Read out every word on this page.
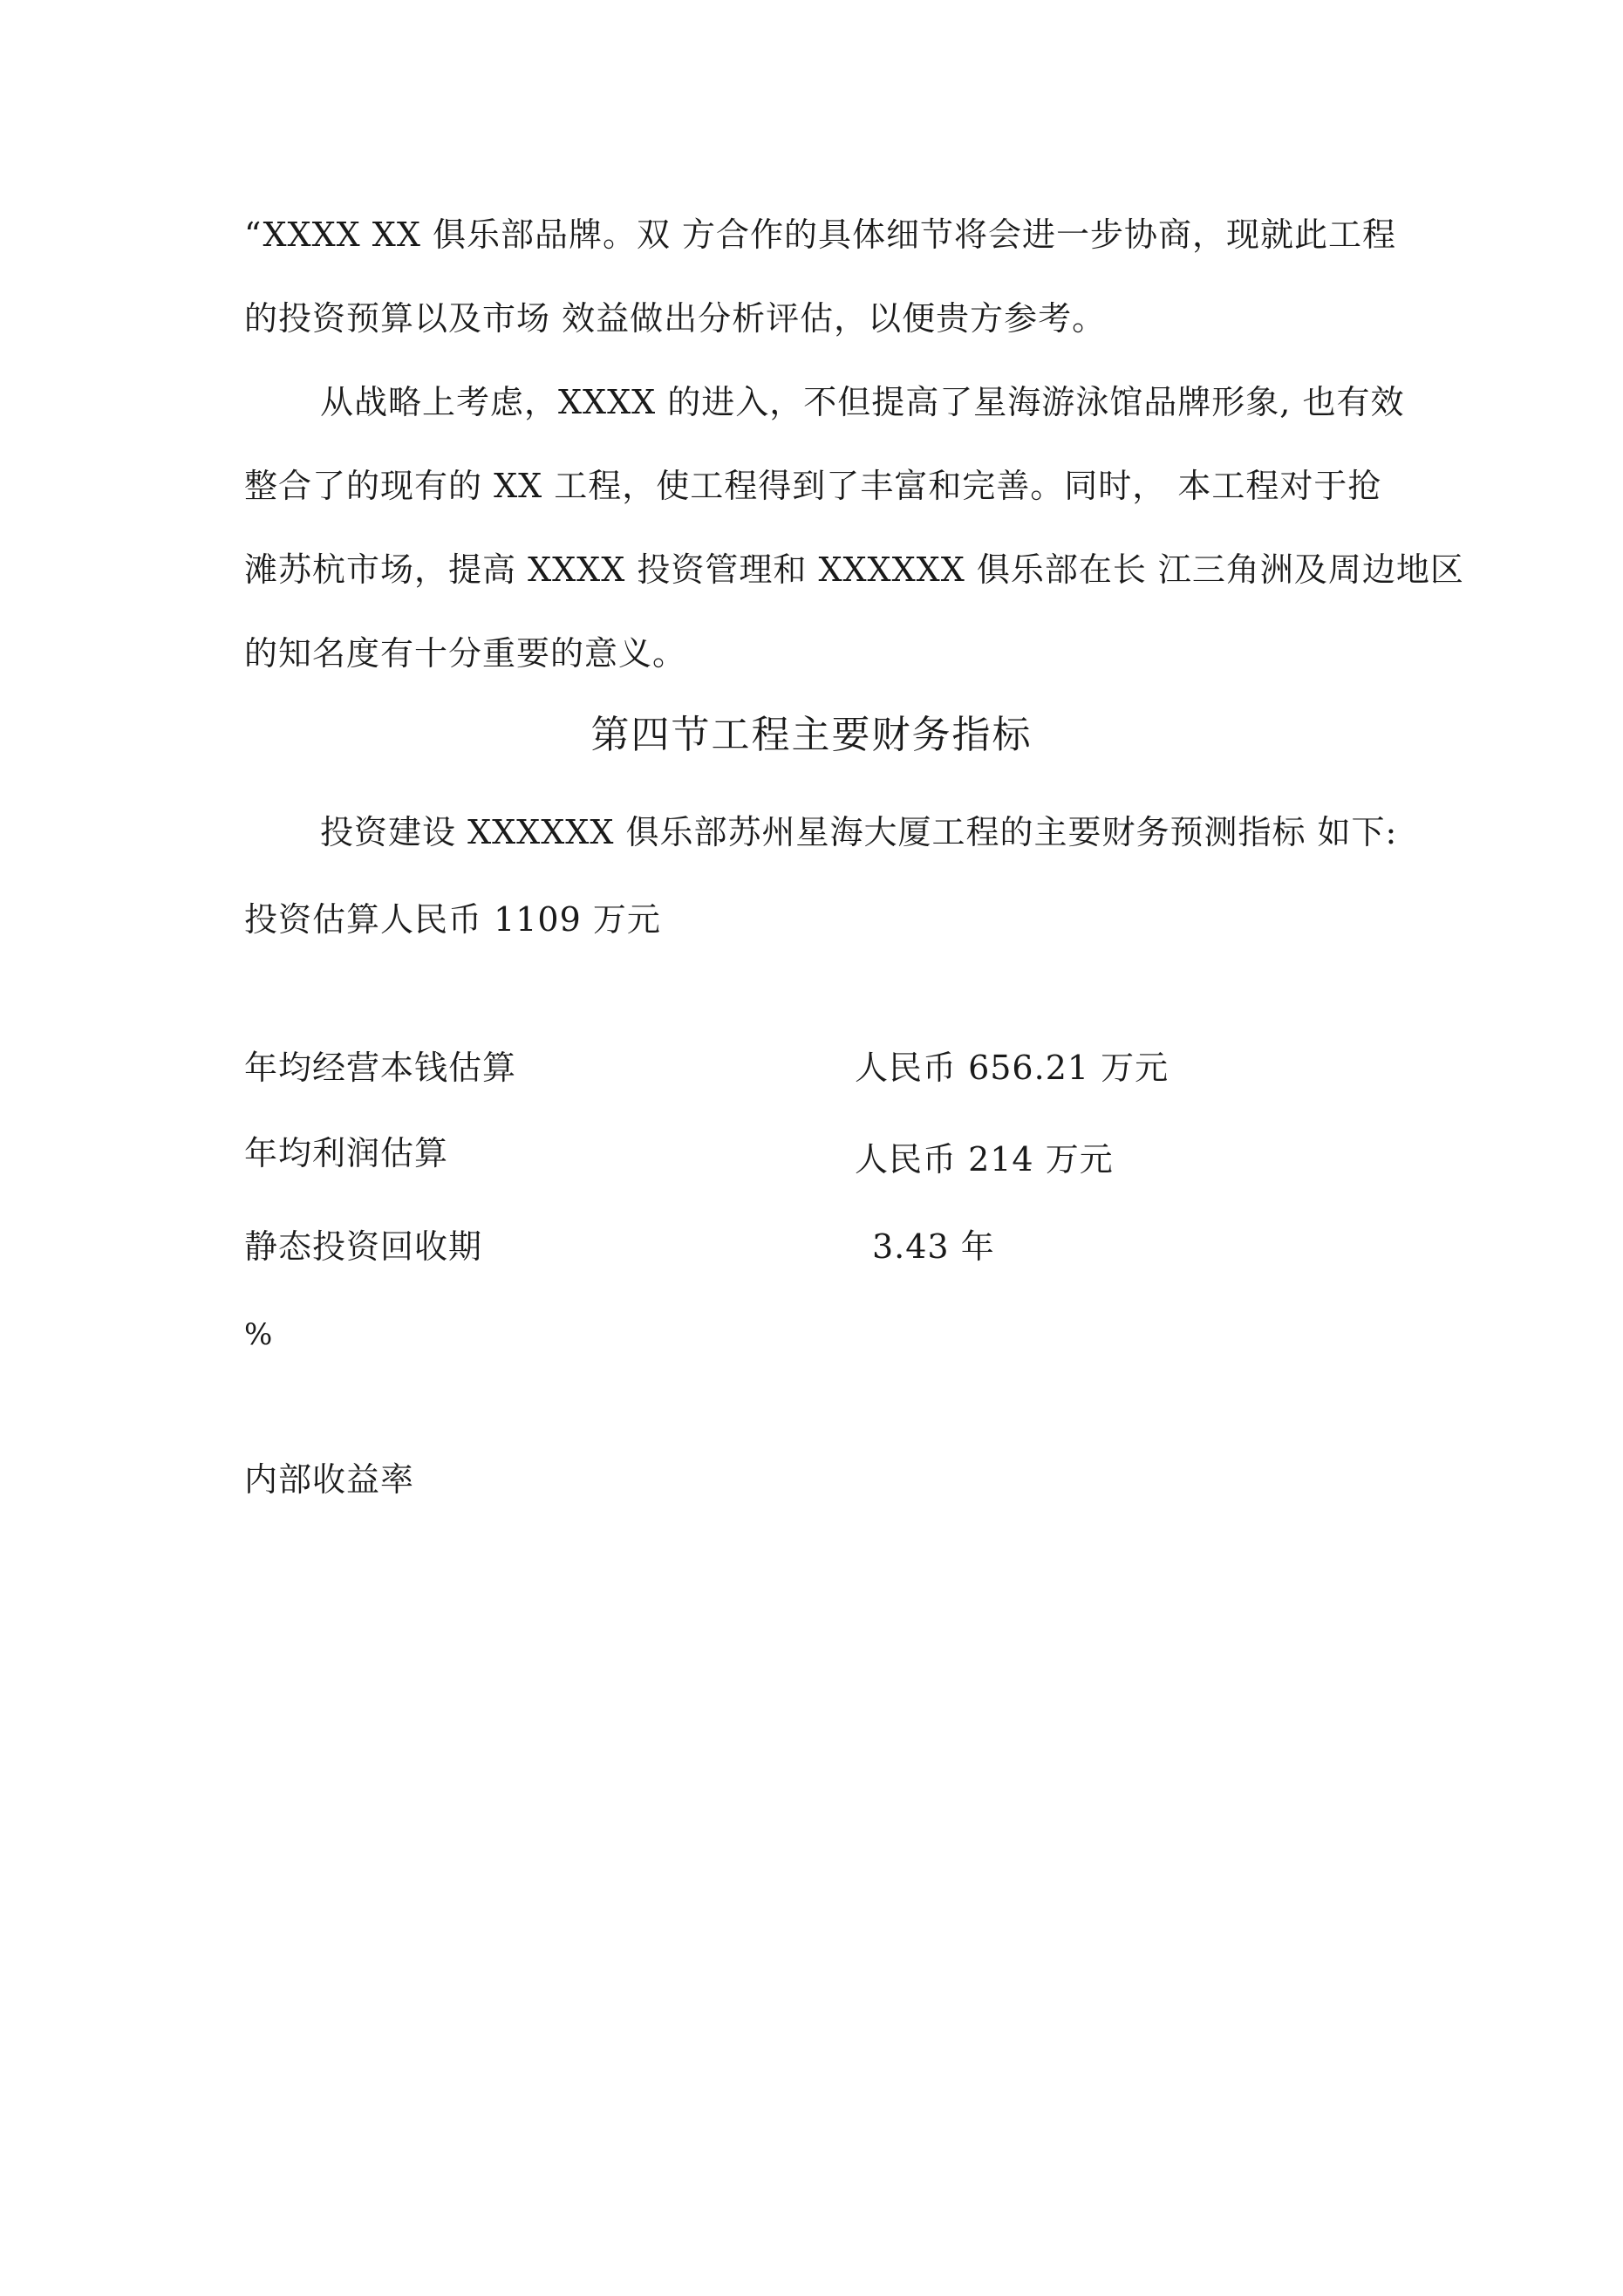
“XXXX XX 俱乐部品牌。双 方合作的具体细节将会进一步协商，现就此工程
的投资预算以及市场 效益做出分析评估，以便贵方参考。
从战略上考虑，XXXX 的进入，不但提高了星海游泳馆品牌形象, 也有效
整合了的现有的 XX 工程，使工程得到了丰富和完善。同时， 本工程对于抢
滩苏杭市场，提高 XXXX 投资管理和 XXXXXX 俱乐部在长 江三角洲及周边地区
的知名度有十分重要的意义。
第四节工程主要财务指标
投资建设 XXXXXX 俱乐部苏州星海大厦工程的主要财务预测指标 如下:
投资估算人民币 1109 万元
年均经营本钱估算	人民币 656.21 万元
年均利润估算	人民币 214 万元
静态投资回收期	3.43 年
%
内部收益率
